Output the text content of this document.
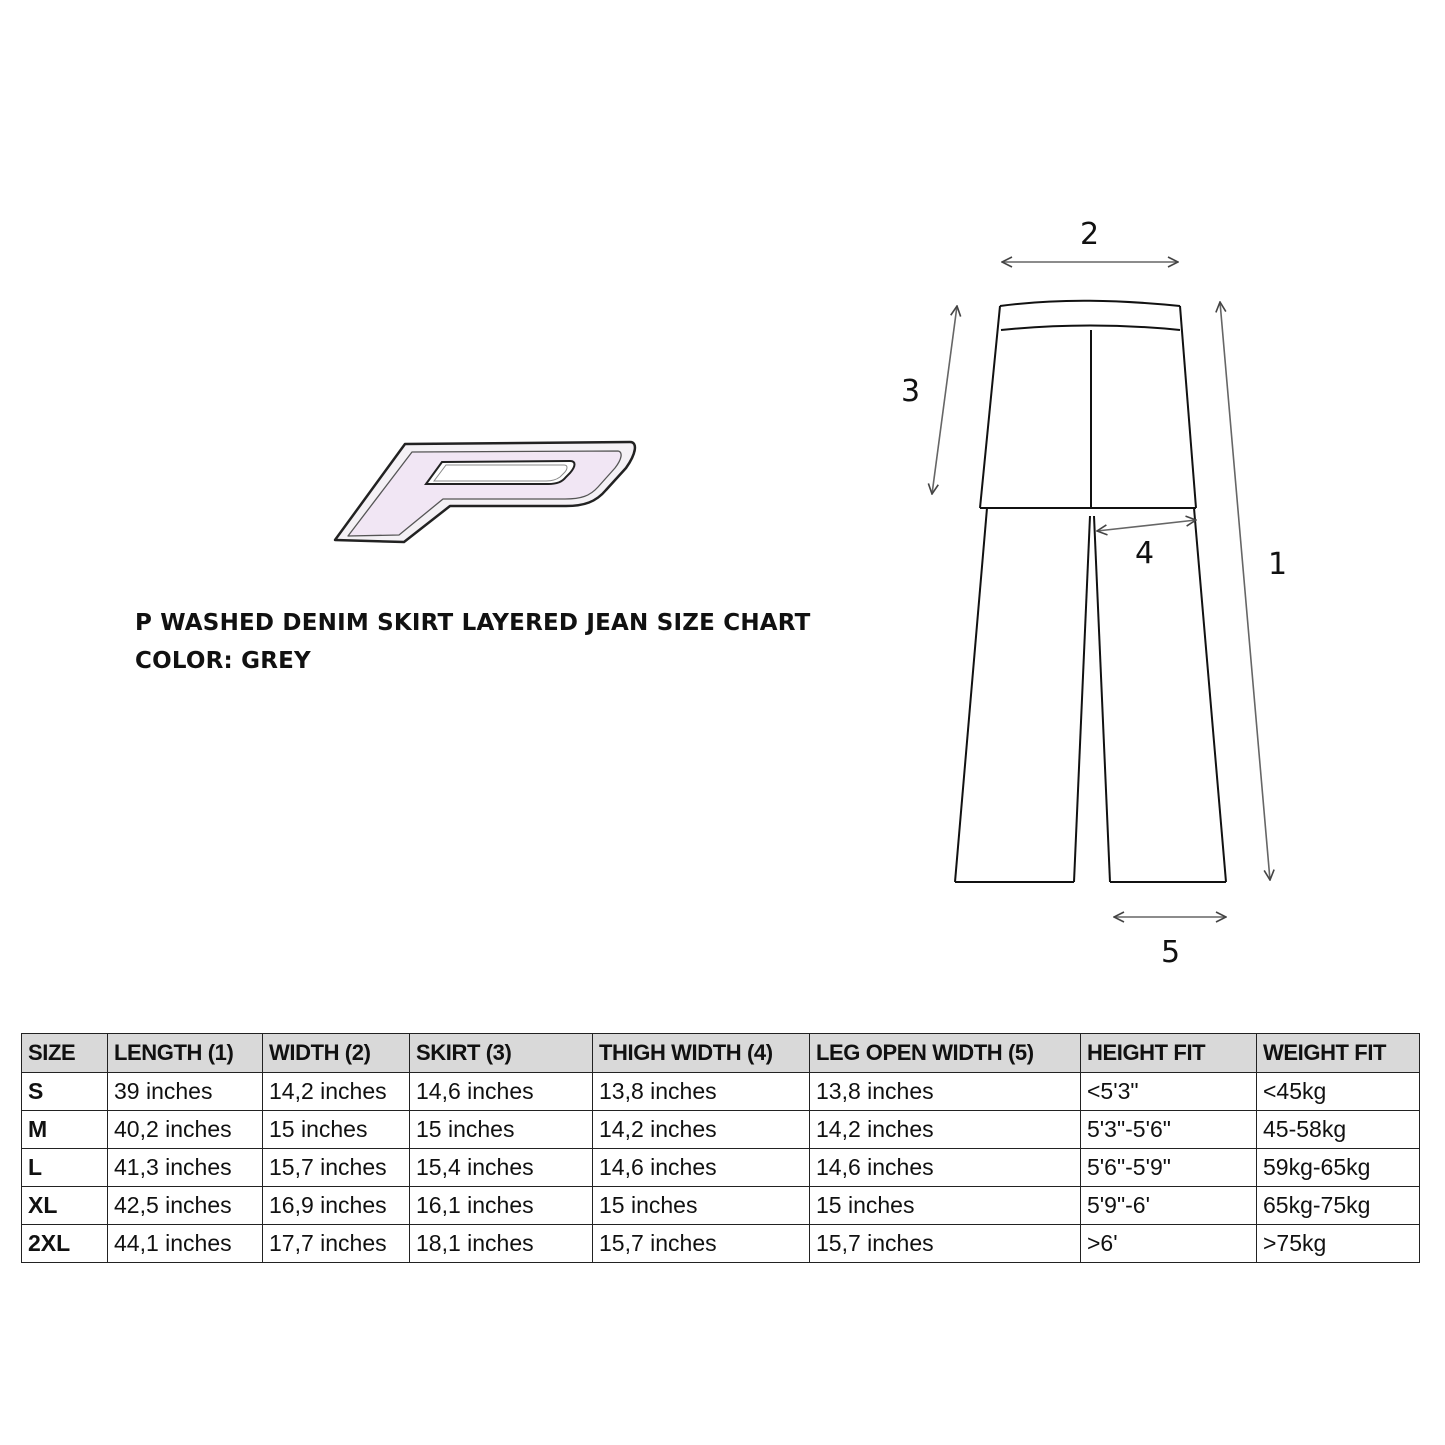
P WASHED DENIM SKIRT LAYERED JEAN SIZE CHART
COLOR: GREY
2
3
1
4
5
SIZE	LENGTH (1)	WIDTH (2)	SKIRT (3)	THIGH WIDTH (4)	LEG OPEN WIDTH (5)	HEIGHT FIT	WEIGHT FIT
S	39 inches	14,2 inches	14,6 inches	13,8 inches	13,8 inches	<5'3"	<45kg
M	40,2 inches	15 inches	15 inches	14,2 inches	14,2 inches	5'3"-5'6"	45-58kg
L	41,3 inches	15,7 inches	15,4 inches	14,6 inches	14,6 inches	5'6"-5'9"	59kg-65kg
XL	42,5 inches	16,9 inches	16,1 inches	15 inches	15 inches	5'9"-6'	65kg-75kg
2XL	44,1 inches	17,7 inches	18,1 inches	15,7 inches	15,7 inches	>6'	>75kg
